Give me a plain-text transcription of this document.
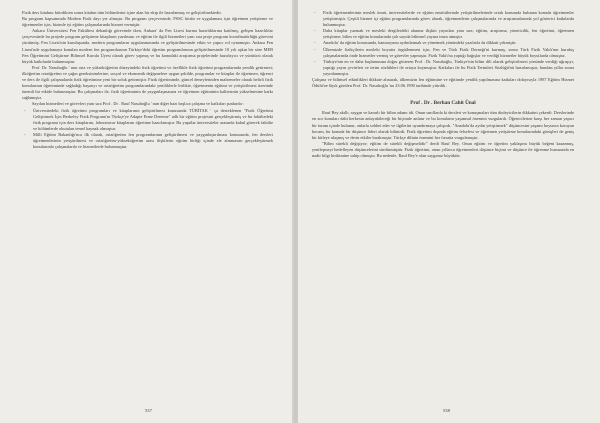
Fizik ders kitabını bitirdikten sonra kitabın tüm bölümlerini içine alan bir ekip ile hazırlanmış ve geliştirilmektedir.

Bu program kapsamında Modern Fizik dayı yer almıştır. Bu program çerçevesinde, PSSC kitabı ve uygulaması için öğretmen yetiştirme ve öğretmenler için, bizimle iyi eğitim çalışmalarında hizmet vermiştir.

Ankara Üniversitesi Fen Fakültesi dekanlığı görevinde iken, Ankara' da Fen Lisesi kurma hazırlıklarına katılmış, gelişen hazırlıklar çerçevesinde bu projede program geliştirme kitapların yazılması ve eğitim ile ilgili hizmetleri yanı sıra proje program koordinatörlüğü görevini yürütmüş; Fen Lisesi'nin kuruluşunda, modern programların uygulanmasında ve geliştirilmesinde etkin ve yapıcı rol oynamıştır. Ankara Fen Lisesi'nde uygulamaya konulan modern fen programlarının Türkiye'deki öğretim programlarının geliştirilmesinde 10 yılı aşkın bir süre MEB Fen Öğretimini Geliştirme Bilimsel Kurulu Üyesi olarak görev yapmış ve bu konudaki araştırma projelerinde hazırlayıcı ve yürütücü olarak büyük katkılarda bulunmuştur.

Prof. Dr. Nasuhoğlu ' nun orta ve yükseköğretim düzeyindeki fizik öğretimi ve özellikle fizik öğretimi programlarında yenilik getirmesi; ilköğretim ortaöğretim ve çağın gereksinimlerine, sosyal ve ekonomik değişmelere uygun şekilde, programlar ve kitaplar ile öğretmen, öğrenci ve ders ile ilgili çalışmalarda fizik öğretimine yeni bir soluk getirmiştir. Fizik öğretiminde, güncel deneylerinden malzemeler olarak belirli fizik konularının öğretiminde sağladığı başarıyı ve ortaöğretim programlarındaki yeniliklerle birlikte, öğretmenin eğitimi ve yetiştirilmesi üzerinde önemli bir etkide bulunmuştur. Bu çalışmaları ile, fizik öğretiminin de yaygınlaşmasına ve öğretmen eğitiminin kalitesinin yükselmesine katkı sağlamıştır.

Sayılan hizmetleri ve görevleri yanı sıra Prof . Dr . Rauf Nasuhoğlu ' nun diğer bazı başlıca çalışma ve katkıları şunlardır :

- Üniversitedeki fizik öğretimi programları ve kitaplarının geliştirilmesi konusunda TÜBİTAK ' ça desteklenen "Fizik Öğretimi Geliştirmek İçin Berkeley Fizik Programı'nı Türkçe'ye Adapte Etme Deneme" adlı bir eğitim projesini gerçekleştirmiş ve bu fakültedeki fizik programı için ders kitaplarını, laboratuvar kitaplarını öğretime hazırlamıştır. Bu yapıtlar üniversiteler arasında kabul görerek fakülte ve bölümlerde okutulan temel kaynak olmuştur.

- Milli Eğitim Bakanlığı'nca ilk olarak, ortaöğretim fen programlarının geliştirilmesi ve yaygınlaştırılması konusunda, fen dersleri öğretmenlerinin yetiştirilmesi ve ortaöğretim-yükseköğretim arası ilişkilerin eğitim birliği içinde ele alınmasını gerçekleştirmek konularında çalışmalarda ve hizmetlerde bulunmuştur.

537

- Fizik öğretmenlerinin meslek ömrü, üniversitelerde ve eğitim enstitülerinde yetiştirilmelerinde ortak konumda bulunan konuda öğretmenler yetiştirmiştir. Çeşitli hizmet içi eğitim programlarında görev alarak, öğretmenlerin çalışmalarında ve araştırmalarında yol gösterici katkılarda bulunmuştur.

- Daha kitaplar yazmak ve mesleki dergilerdeki alanına ilişkin yayınları yanı sıra; eğitim, araştırma, yöneticilik, fen öğretimi, öğretmen yetiştirme, bilim ve eğitim konularında çok sayıda bilimsel yayına imza atmıştır.

- Anadolu' da eğitim konusunda, kamuoyunu aydınlatmak ve yönetmek yönündeki yazılarla da dikkati çekmiştir.

- Ülkemizde fizikçilerin mesleki boyutta örgütlenmesi için, Fen ve Türk Fizik Derneği'ni kurmuş, sonra Türk Fizik Vakfı'nın kuruluş çalışmalarında önde hizmetler vermiş ve görevler yapmıştır. Fizik Vakfı'na yaptığı bağışlar ve verdiği hizmetler büyük boyutlarda olmuştur.

- Türkiye'nin en ve daha başlamasına doğru gösteren Prof . Dr. Nasuhoğlu, Türkiye'nin bilim dili olarak geliştirilmesi yönünde verdiği uğraşıyı, yaptığı yayın çevirileri ve terim sözlükleri ile ortaya koymuştur. Katkıları ile bu Fizik Terimleri Sözlüğü'nü hazırlamıştır, bundan yıllar sonra yayınlanmıştır.

Çalışma ve bilimsel etkinlikleri dikkate alınarak, ülkemizin fen eğitimine ve eğitimde yenilik yapılmasına katkıları dolayısıyla 1987 Eğitim Hizmet Ödülü'ne lâyık görülen Prof. Dr. Nasuhoğlu 'nu 23.06.1990 tarihinde yitirdik .

Prof . Dr . Berhan Cahit Ünal

Rauf Bey akıllı, saygın ve kararlı bir bilim adamı idi. Onun sınıflarda ki dersleri ve konuşmaları tüm dinleyicilerin dikkatini çekerdi. Derslerinde en zor konuları dahi herkesin anlayabileceği bir biçimde anlatır ve bu konuların yaşamsal önemini vurgulardı. Öğrencilerine karşı her zaman yapıcı bir tutum içinde bulunur, onlarla sohbet eder ve ilgilerini uyandırmaya çalışırdı. "Anadolu'da aydın yetiştirmek" düşüncesini yaşamı boyunca koruyan hocam, bu konuda bir düşünce lideri olarak bilinirdi. Fizik öğretimi dışında eğitim felsefesi ve öğretmen yetiştirme konularındaki görüşleri de geniş bir kitleye ulaşmış ve derin etkiler bırakmıştır. Türkçe dilinin önemini her fırsatta vurgulamıştır.

"Bilim sürekli değişiyor; eğitim de sürekli değişmelidir" derdi Rauf Bey. Onun eğitim ve öğretim yaklaşımı büyük beğeni kazanmış, yenileşmeyi hedefleyen düşüncelerini sürdürmüştür. Fizik öğretimi, onun yıllarca öğretmenleri düşünce biçimi ve düşünce ile öğrenme hususunda en nadir bilgi birikimine sahip olmuştu. Bu nedenle, Rauf Bey'e olan saygımız büyüktür.

538
